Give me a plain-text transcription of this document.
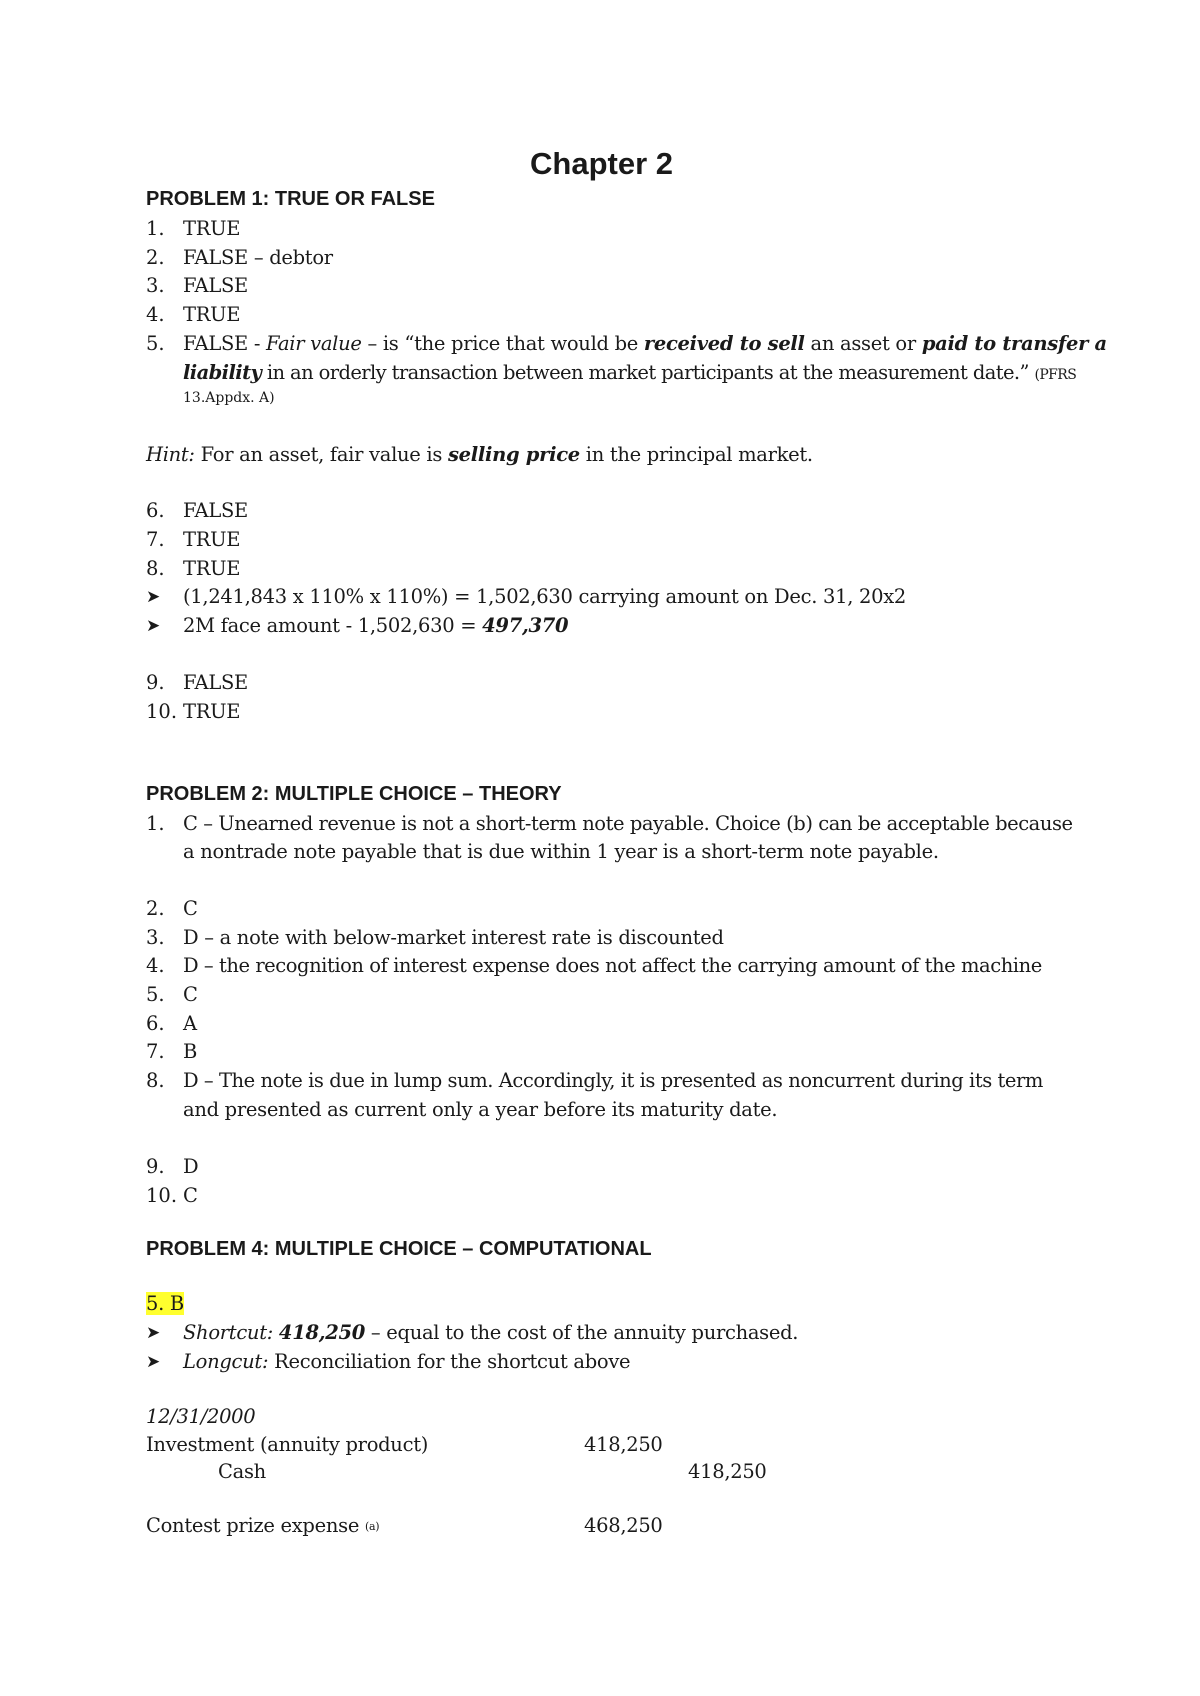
Chapter 2
PROBLEM 1: TRUE OR FALSE
1. TRUE
2. FALSE – debtor
3. FALSE
4. TRUE
5. FALSE - Fair value – is “the price that would be received to sell an asset or paid to transfer a
liability in an orderly transaction between market participants at the measurement date.” (PFRS
13.Appdx. A)
Hint: For an asset, fair value is selling price in the principal market.
6. FALSE
7. TRUE
8. TRUE
➤ (1,241,843 x 110% x 110%) = 1,502,630 carrying amount on Dec. 31, 20x2
➤ 2M face amount - 1,502,630 = 497,370
9. FALSE
10. TRUE
PROBLEM 2: MULTIPLE CHOICE – THEORY
1. C – Unearned revenue is not a short-term note payable. Choice (b) can be acceptable because
a nontrade note payable that is due within 1 year is a short-term note payable.
2. C
3. D – a note with below-market interest rate is discounted
4. D – the recognition of interest expense does not affect the carrying amount of the machine
5. C
6. A
7. B
8. D – The note is due in lump sum. Accordingly, it is presented as noncurrent during its term
and presented as current only a year before its maturity date.
9. D
10. C
PROBLEM 4: MULTIPLE CHOICE – COMPUTATIONAL
5. B
➤ Shortcut: 418,250 – equal to the cost of the annuity purchased.
➤ Longcut: Reconciliation for the shortcut above
12/31/2000
Investment (annuity product)	418,250
Cash	418,250
Contest prize expense (a)	468,250
